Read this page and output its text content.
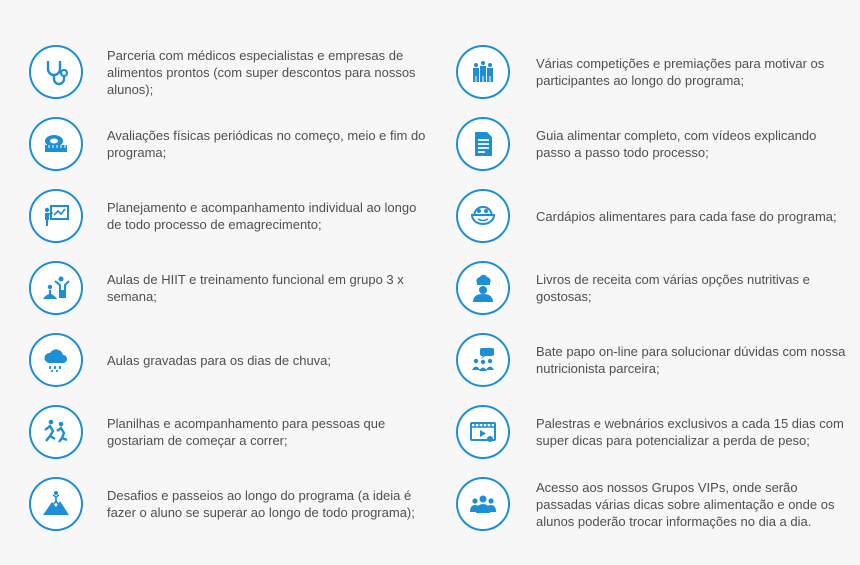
Parceria com médicos especialistas e empresas de alimentos prontos (com super descontos para nossos alunos);
Avaliações físicas periódicas no começo, meio e fim do programa;
Planejamento e acompanhamento individual ao longo de todo processo de emagrecimento;
Aulas de HIIT e treinamento funcional em grupo 3 x semana;
Aulas gravadas para os dias de chuva;
Planilhas e acompanhamento para pessoas que gostariam de começar a correr;
Desafios e passeios ao longo do programa (a ideia é fazer o aluno se superar ao longo de todo programa);
Várias competições e premiações para motivar os participantes ao longo do programa;
Guia alimentar completo, com vídeos explicando passo a passo todo processo;
Cardápios alimentares para cada fase do programa;
Livros de receita com várias opções nutritivas e gostosas;
Bate papo on-line para solucionar dúvidas com nossa nutricionista parceira;
Palestras e webnários exclusivos a cada 15 dias com super dicas para potencializar a perda de peso;
Acesso aos nossos Grupos VIPs, onde serão passadas várias dicas sobre alimentação e onde os alunos poderão trocar informações no dia a dia.
